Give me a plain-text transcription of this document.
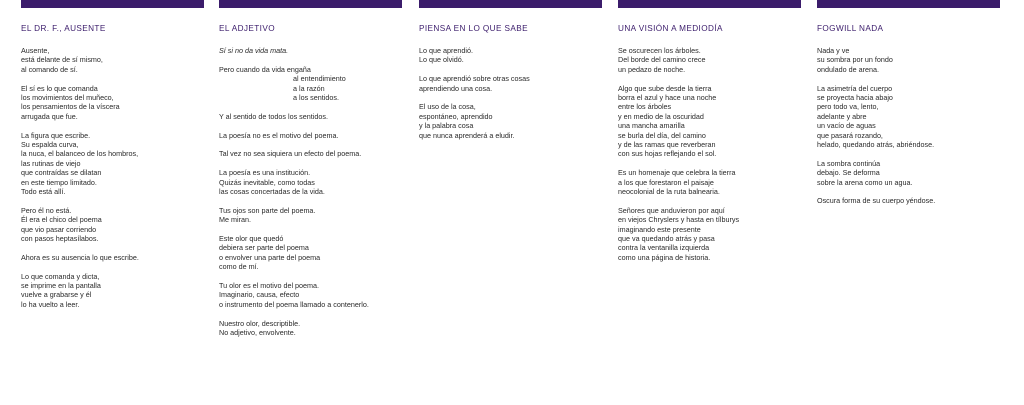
EL DR. F., AUSENTE
Ausente,
está delante de sí mismo,
al comando de sí.
El sí es lo que comanda
los movimientos del muñeco,
los pensamientos de la víscera
arrugada que fue.
La figura que escribe.
Su espalda curva,
la nuca, el balanceo de los hombros,
las rutinas de viejo
que contraídas se dilatan
en este tiempo limitado.
Todo está allí.
Pero él no está.
Él era el chico del poema
que vio pasar corriendo
con pasos heptasílabos.
Ahora es su ausencia lo que escribe.
Lo que comanda y dicta,
se imprime en la pantalla
vuelve a grabarse y él
lo ha vuelto a leer.
EL ADJETIVO
Sí si no da vida mata.
Pero cuando da vida engaña
al entendimiento
a la razón
a los sentidos.
Y al sentido de todos los sentidos.
La poesía no es el motivo del poema.
Tal vez no sea siquiera un efecto del poema.
La poesía es una institución.
Quizás inevitable, como todas
las cosas concertadas de la vida.
Tus ojos son parte del poema.
Me miran.
Este olor que quedó
debiera ser parte del poema
o envolver una parte del poema
como de mí.
Tu olor es el motivo del poema.
Imaginario, causa, efecto
o instrumento del poema llamado a contenerlo.
Nuestro olor, descriptible.
No adjetivo, envolvente.
PIENSA EN LO QUE SABE
Lo que aprendió.
Lo que olvidó.
Lo que aprendió sobre otras cosas
aprendiendo una cosa.
El uso de la cosa,
espontáneo, aprendido
y la palabra cosa
que nunca aprenderá a eludir.
UNA VISIÓN A MEDIODÍA
Se oscurecen los árboles.
Del borde del camino crece
un pedazo de noche.
Algo que sube desde la tierra
borra el azul y hace una noche
entre los árboles
y en medio de la oscuridad
una mancha amarilla
se burla del día, del camino
y de las ramas que reverberan
con sus hojas reflejando el sol.
Es un homenaje que celebra la tierra
a los que forestaron el paisaje
neocolonial de la ruta balnearia.
Señores que anduvieron por aquí
en viejos Chryslers y hasta en tílburys
imaginando este presente
que va quedando atrás y pasa
contra la ventanilla izquierda
como una página de historia.
FOGWILL NADA
Nada y ve
su sombra por un fondo
ondulado de arena.
La asimetría del cuerpo
se proyecta hacia abajo
pero todo va, lento,
adelante y abre
un vacío de aguas
que pasará rozando,
helado, quedando atrás, abriéndose.
La sombra continúa
debajo. Se deforma
sobre la arena como un agua.
Oscura forma de su cuerpo yéndose.
